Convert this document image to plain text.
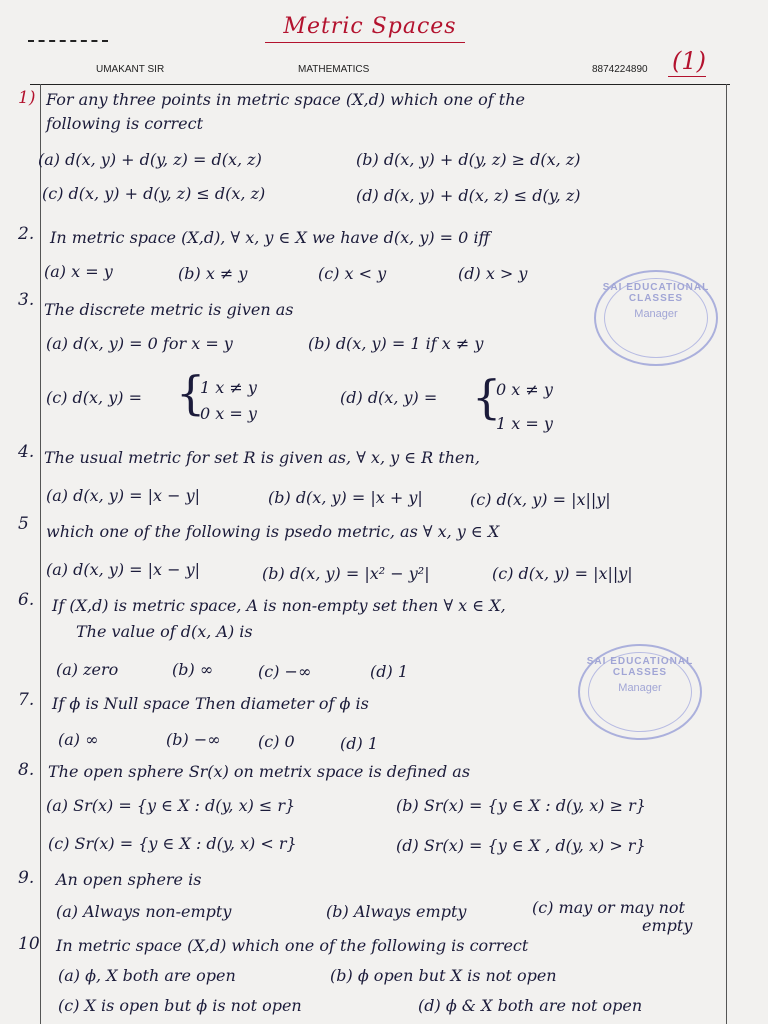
Metric Spaces
UMAKANT SIR	MATHEMATICS	8874224890 (1)
1) For any three points in metric space (X,d) which one of the
following is correct
(a) d(x, y) + d(y, z) = d(x, z)	(b) d(x, y) + d(y, z) ≥ d(x, z)
(c) d(x, y) + d(y, z) ≤ d(x, z)	(d) d(x, y) + d(x, z) ≤ d(y, z)
2. In metric space (X,d), ∀ x, y ∈ X we have d(x, y) = 0 iff
(a) x = y	(b) x ≠ y	(c) x < y	(d) x > y
3. The discrete metric is given as
(a) d(x, y) = 0 for x = y	(b) d(x, y) = 1 if x ≠ y
(c) d(x, y) = {
1 x ≠ y
0 x = y
(d) d(x, y) = {
0 x ≠ y
1 x = y
SAI EDUCATIONAL CLASSES
Manager
4. The usual metric for set R is given as, ∀ x, y ∈ R then,
(a) d(x, y) = |x − y|	(b) d(x, y) = |x + y|	(c) d(x, y) = |x||y|
5 which one of the following is psedo metric, as ∀ x, y ∈ X
(a) d(x, y) = |x − y|	(b) d(x, y) = |x² − y²|	(c) d(x, y) = |x||y|
6. If (X,d) is metric space, A is non-empty set then ∀ x ∈ X,
The value of d(x, A) is
(a) zero	(b) ∞	(c) −∞	(d) 1
SAI EDUCATIONAL CLASSES
Manager
7. If ϕ is Null space Then diameter of ϕ is
(a) ∞	(b) −∞ (c) 0	(d) 1
8. The open sphere Sr(x) on metrix space is defined as
(a) Sr(x) = {y ∈ X : d(y, x) ≤ r}	(b) Sr(x) = {y ∈ X : d(y, x) ≥ r}
(c) Sr(x) = {y ∈ X : d(y, x) < r}	(d) Sr(x) = {y ∈ X , d(y, x) > r}
9. An open sphere is
(a) Always non-empty	(b) Always empty	(c) may or may not
empty
10 In metric space (X,d) which one of the following is correct
(a) ϕ, X both are open	(b) ϕ open but X is not open
(c) X is open but ϕ is not open	(d) ϕ & X both are not open
